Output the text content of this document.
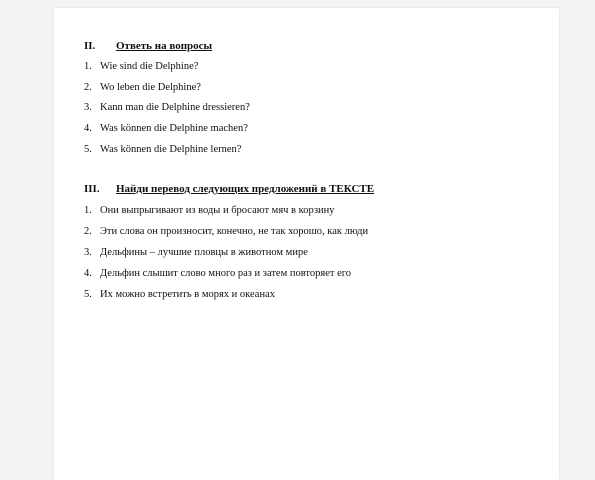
II. Ответь на вопросы
1. Wie sind die Delphine?
2. Wo leben die Delphine?
3. Kann man die Delphine dressieren?
4. Was können die Delphine machen?
5. Was können die Delphine lernen?
III. Найди перевод следующих предложений в ТЕКСТЕ
1. Они выпрыгивают из воды и бросают мяч в корзину
2. Эти слова он произносит, конечно, не так хорошо, как люди
3. Дельфины – лучшие пловцы в животном мире
4. Дельфин слышит слово много раз и затем повторяет его
5. Их можно встретить в морях и океанах
